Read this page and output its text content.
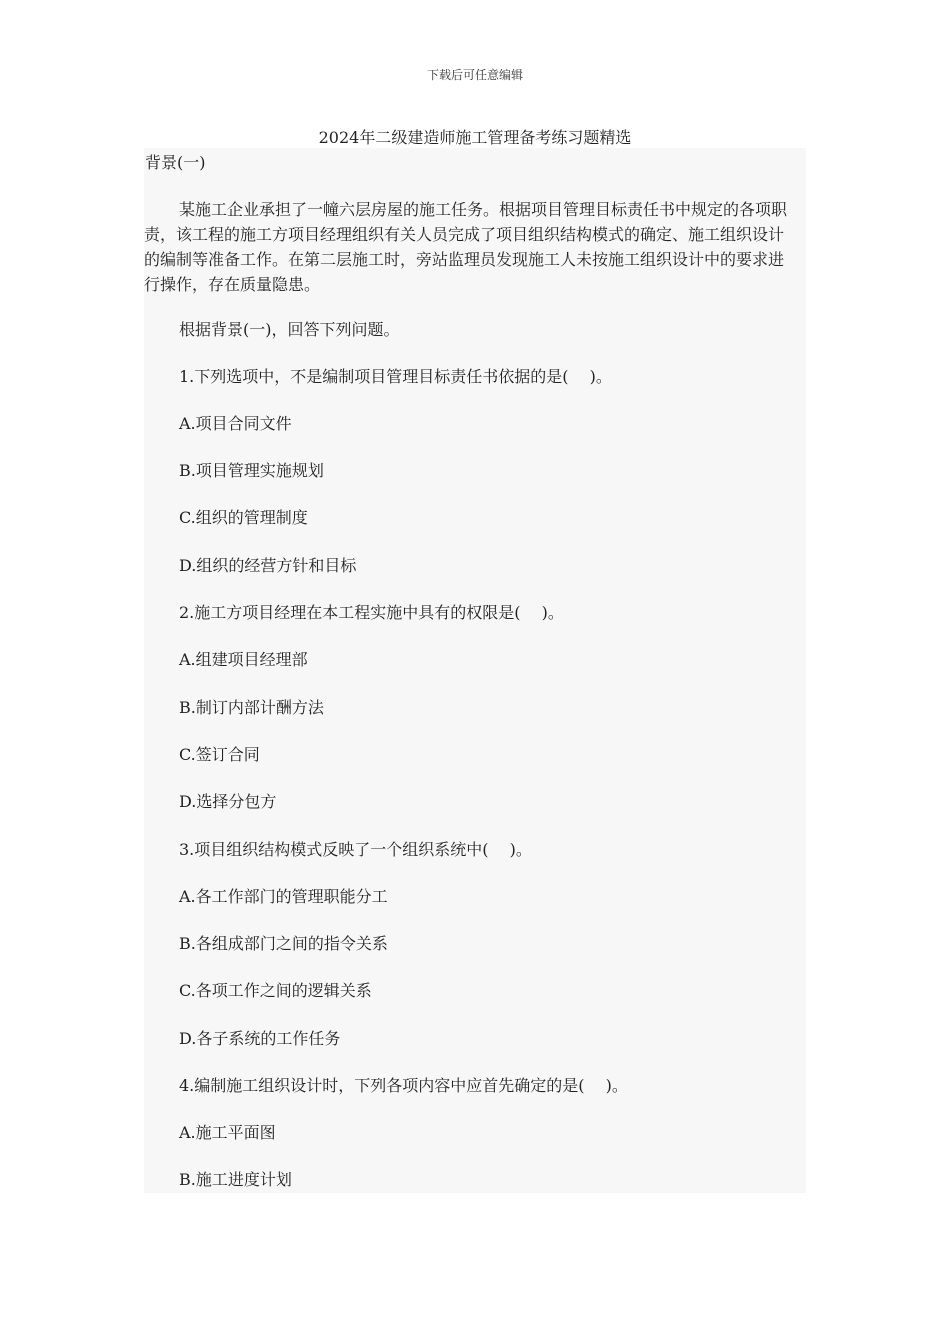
下载后可任意编辑
2024年二级建造师施工管理备考练习题精选
背景(一)

某施工企业承担了一幢六层房屋的施工任务。根据项目管理目标责任书中规定的各项职责，该工程的施工方项目经理组织有关人员完成了项目组织结构模式的确定、施工组织设计的编制等准备工作。在第二层施工时，旁站监理员发现施工人未按施工组织设计中的要求进行操作，存在质量隐患。

根据背景(一)，回答下列问题。
1.下列选项中，不是编制项目管理目标责任书依据的是(　 )。
A.项目合同文件
B.项目管理实施规划
C.组织的管理制度
D.组织的经营方针和目标
2.施工方项目经理在本工程实施中具有的权限是(　 )。
A.组建项目经理部
B.制订内部计酬方法
C.签订合同
D.选择分包方
3.项目组织结构模式反映了一个组织系统中(　 )。
A.各工作部门的管理职能分工
B.各组成部门之间的指令关系
C.各项工作之间的逻辑关系
D.各子系统的工作任务
4.编制施工组织设计时，下列各项内容中应首先确定的是(　 )。
A.施工平面图
B.施工进度计划
